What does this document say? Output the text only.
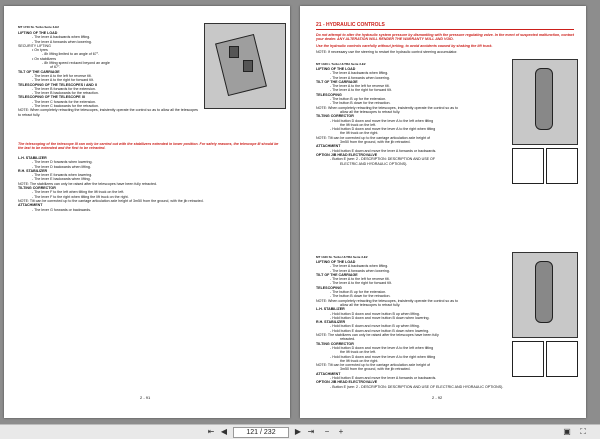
MT 1740 SL Turbo Serie 3-E2
LIFTING OF THE LOAD
- The lever A backwards when lifting.
- The lever A forwards when lowering.
SECURITY LIFTING
• On tyres
- 8h lifting limited to an angle of 67°.
• On stabilizers
- 8h lifting speed reduced beyond an angle
of 67°.
TILT OF THE CARRIAGE
- The lever A to the left for reverse tilt.
- The lever A to the right for forward tilt.
TELESCOPING OF THE TELESCOPES I AND II
- The lever B forwards for the extension.
- The lever B backwards for the retraction.
TELESCOPING OF THE TELESCOPE III
- The lever C forwards for the extension.
- The lever C backwards for the retraction.
NOTE: When completely retracting the telescopes, insistently operate the control so as to allow all the telescopes to retract fully.
The telescoping of the telescope III can only be carried out with the stabilizers extended in lower position. For safety reasons, the telescope III should be the last to be extended and the first to be retracted.
L.H. STABILIZER
- The lever D forwards when lowering.
- The lever D backwards when lifting.
R.H. STABILIZER
- The lever E forwards when lowering.
- The lever E backwards when lifting.
NOTE: The stabilizers can only be raised after the telescopes have been fully retracted.
TILTING CORRECTOR
- The lever F to the left when tilting the lift truck on the left.
- The lever F to the right when tilting the lift truck on the right.
NOTE: Tilt can be corrected up to the carriage articulation axle height of 3m50 from the ground, with the jib retracted.
ATTACHMENT
- The lever G forwards or backwards.
2 - 91
21 - HYDRAULIC CONTROLS
Do not attempt to alter the hydraulic system pressure by dismantling with the pressure regulating valve. In the event of suspected malfunction, contact your dealer. ANY ALTERATION WILL RENDER THE WARRANTY NULL AND VOID.
Use the hydraulic controls carefully without jerking, to avoid accidents caused by shaking the lift truck.
NOTE: If necessary use the steering to restart the hydraulic control steering accumulator.
MT 1340 L Turbo ULTRA Serie 3-E2
LIFTING OF THE LOAD
- The lever A backwards when lifting.
- The lever A forwards when lowering.
TILT OF THE CARRIAGE
- The lever A to the left for reverse tilt.
- The lever A to the right for forward tilt.
TELESCOPING
- The button B up for the extension.
- The button B down for the retraction.
NOTE: When completely retracting the telescopes, insistently operate the control so as to
allow all the telescopes to retract fully.
TILTING CORRECTOR
- Hold button D down and move the lever A to the left when tilting
the lift truck on the left.
- Hold button D down and move the lever A to the right when tilting
the lift truck on the right.
NOTE: Tilt can be corrected up to the carriage articulation axle height of
3m50 from the ground, with the jib retracted.
ATTACHMENT
- Hold button E down and move the lever A forwards or backwards.
OPTION JIB HEAD ELECTROVALVE
- Button E (see: 2 - DESCRIPTION: DESCRIPTION AND USE OF
ELECTRIC AND HYDRAULIC OPTIONS).
MT 1340 SL Turbo ULTRA Serie 3-E2
LIFTING OF THE LOAD
- The lever A backwards when lifting.
- The lever A forwards when lowering.
TILT OF THE CARRIAGE
- The lever A to the left for reverse tilt.
- The lever A to the right for forward tilt.
TELESCOPING
- The button B up for the extension.
- The button B down for the retraction.
NOTE: When completely retracting the telescopes, insistently operate the control so as to
allow all the telescopes to retract fully.
L.H. STABILIZER
- Hold button D down and move button B up when lifting.
- Hold button D down and move button B down when lowering.
R.H. STABILIZER
- Hold button E down and move button B up when lifting.
- Hold button E down and move button B down when lowering.
NOTE: The stabilizers can only be raised after the telescopes have been fully
retracted.
TILTING CORRECTOR
- Hold button D down and move the lever A to the left when tilting
the lift truck on the left.
- Hold button D down and move the lever A to the right when tilting
the lift truck on the right.
NOTE: Tilt can be corrected up to the carriage articulation axle height of
3m50 from the ground, with the jib retracted.
ATTACHMENT
- Hold button E down and move the lever A forwards or backwards.
OPTION JIB HEAD ELECTROVALVE
- Button E (see: 2 - DESCRIPTION: DESCRIPTION AND USE OF ELECTRIC AND HYDRAULIC OPTIONS).
2 - 92
⇤ ◀	121 / 232	▶ ⇥	−	+	▣ ⛶
